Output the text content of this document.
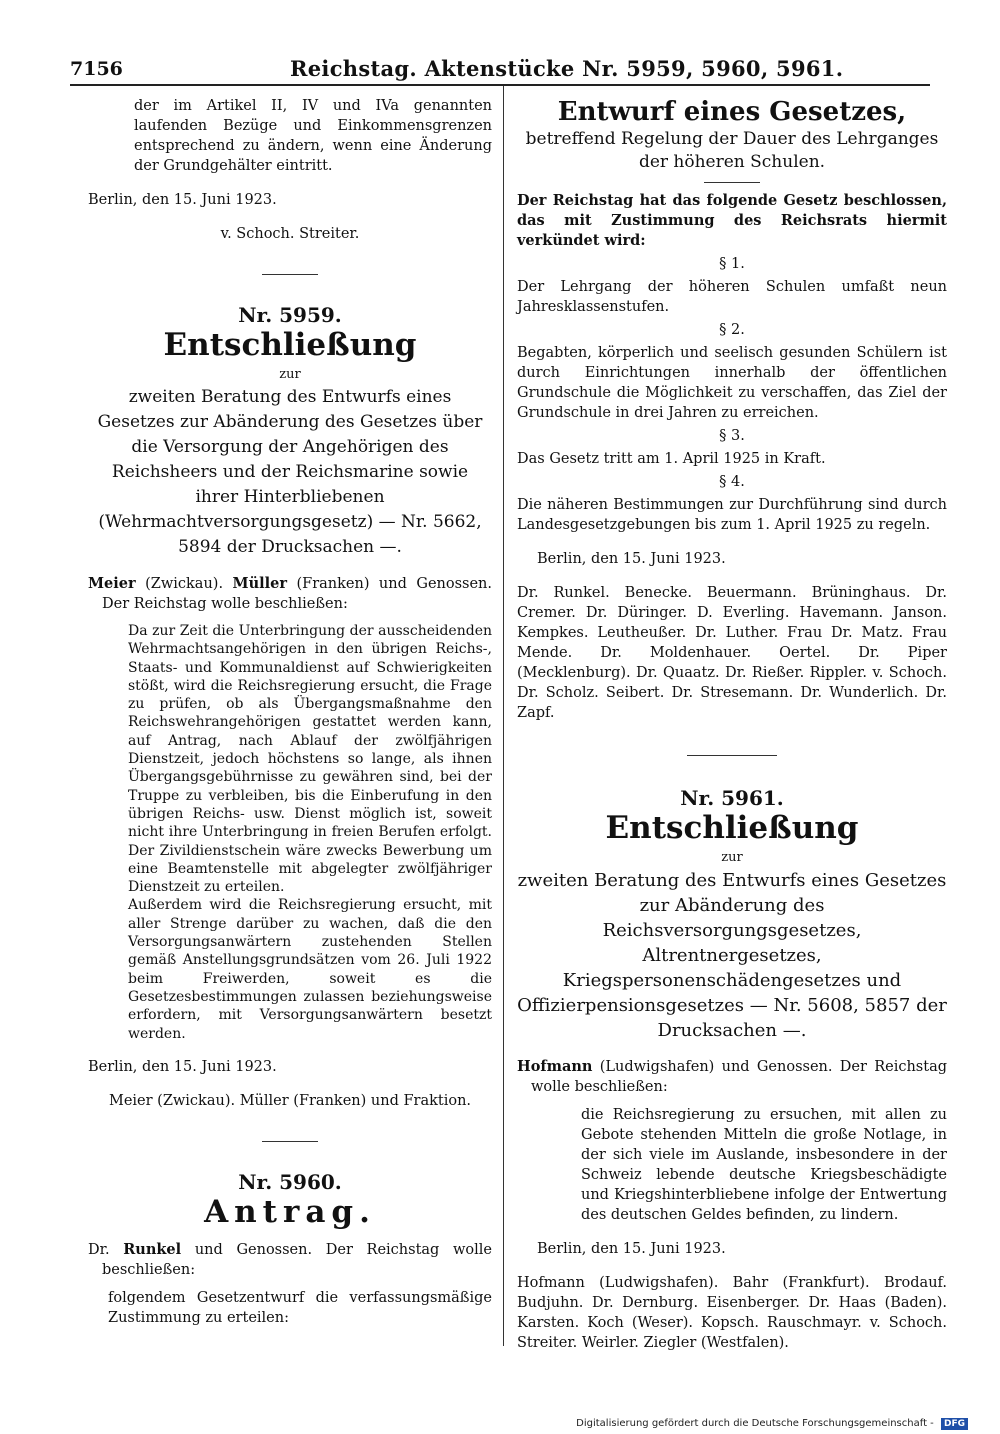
7156	Reichstag. Aktenstücke Nr. 5959, 5960, 5961.

der im Artikel II, IV und IVa genannten laufenden Bezüge und Einkommensgrenzen entsprechend zu ändern, wenn eine Änderung der Grundgehälter eintritt.

Berlin, den 15. Juni 1923.

v. Schoch. Streiter.

Nr. 5959.

Entschließung

zur

zweiten Beratung des Entwurfs eines Gesetzes zur Abänderung des Gesetzes über die Versorgung der Angehörigen des Reichsheers und der Reichsmarine sowie ihrer Hinterbliebenen (Wehrmachtversorgungsgesetz) — Nr. 5662, 5894 der Drucksachen —.

Meier (Zwickau). Müller (Franken) und Genossen. Der Reichstag wolle beschließen:

Da zur Zeit die Unterbringung der ausscheidenden Wehrmachtsangehörigen in den übrigen Reichs-, Staats- und Kommunaldienst auf Schwierigkeiten stößt, wird die Reichsregierung ersucht, die Frage zu prüfen, ob als Übergangsmaßnahme den Reichswehrangehörigen gestattet werden kann, auf Antrag, nach Ablauf der zwölfjährigen Dienstzeit, jedoch höchstens so lange, als ihnen Übergangsgebührnisse zu gewähren sind, bei der Truppe zu verbleiben, bis die Einberufung in den übrigen Reichs- usw. Dienst möglich ist, soweit nicht ihre Unterbringung in freien Berufen erfolgt. Der Zivildienstschein wäre zwecks Bewerbung um eine Beamtenstelle mit abgelegter zwölfjähriger Dienstzeit zu erteilen.

Außerdem wird die Reichsregierung ersucht, mit aller Strenge darüber zu wachen, daß die den Versorgungsanwärtern zustehenden Stellen gemäß Anstellungsgrundsätzen vom 26. Juli 1922 beim Freiwerden, soweit es die Gesetzesbestimmungen zulassen beziehungsweise erfordern, mit Versorgungsanwärtern besetzt werden.

Berlin, den 15. Juni 1923.

Meier (Zwickau). Müller (Franken) und Fraktion.

Nr. 5960.

Antrag.

Dr. Runkel und Genossen. Der Reichstag wolle beschließen:

folgendem Gesetzentwurf die verfassungsmäßige Zustimmung zu erteilen:

Entwurf eines Gesetzes,

betreffend Regelung der Dauer des Lehrganges der höheren Schulen.

Der Reichstag hat das folgende Gesetz beschlossen, das mit Zustimmung des Reichsrats hiermit verkündet wird:

§ 1.

Der Lehrgang der höheren Schulen umfaßt neun Jahresklassenstufen.

§ 2.

Begabten, körperlich und seelisch gesunden Schülern ist durch Einrichtungen innerhalb der öffentlichen Grundschule die Möglichkeit zu verschaffen, das Ziel der Grundschule in drei Jahren zu erreichen.

§ 3.

Das Gesetz tritt am 1. April 1925 in Kraft.

§ 4.

Die näheren Bestimmungen zur Durchführung sind durch Landesgesetzgebungen bis zum 1. April 1925 zu regeln.

Berlin, den 15. Juni 1923.

Dr. Runkel. Benecke. Beuermann. Brüninghaus. Dr. Cremer. Dr. Düringer. D. Everling. Havemann. Janson. Kempkes. Leutheußer. Dr. Luther. Frau Dr. Matz. Frau Mende. Dr. Moldenhauer. Oertel. Dr. Piper (Mecklenburg). Dr. Quaatz. Dr. Rießer. Rippler. v. Schoch. Dr. Scholz. Seibert. Dr. Stresemann. Dr. Wunderlich. Dr. Zapf.

Nr. 5961.

Entschließung

zur

zweiten Beratung des Entwurfs eines Gesetzes zur Abänderung des Reichsversorgungsgesetzes, Altrentnergesetzes, Kriegspersonenschädengesetzes und Offizierpensionsgesetzes — Nr. 5608, 5857 der Drucksachen —.

Hofmann (Ludwigshafen) und Genossen. Der Reichstag wolle beschließen:

die Reichsregierung zu ersuchen, mit allen zu Gebote stehenden Mitteln die große Notlage, in der sich viele im Auslande, insbesondere in der Schweiz lebende deutsche Kriegsbeschädigte und Kriegshinterbliebene infolge der Entwertung des deutschen Geldes befinden, zu lindern.

Berlin, den 15. Juni 1923.

Hofmann (Ludwigshafen). Bahr (Frankfurt). Brodauf. Budjuhn. Dr. Dernburg. Eisenberger. Dr. Haas (Baden). Karsten. Koch (Weser). Kopsch. Rauschmayr. v. Schoch. Streiter. Weirler. Ziegler (Westfalen).

Digitalisierung gefördert durch die Deutsche Forschungsgemeinschaft - DFG
